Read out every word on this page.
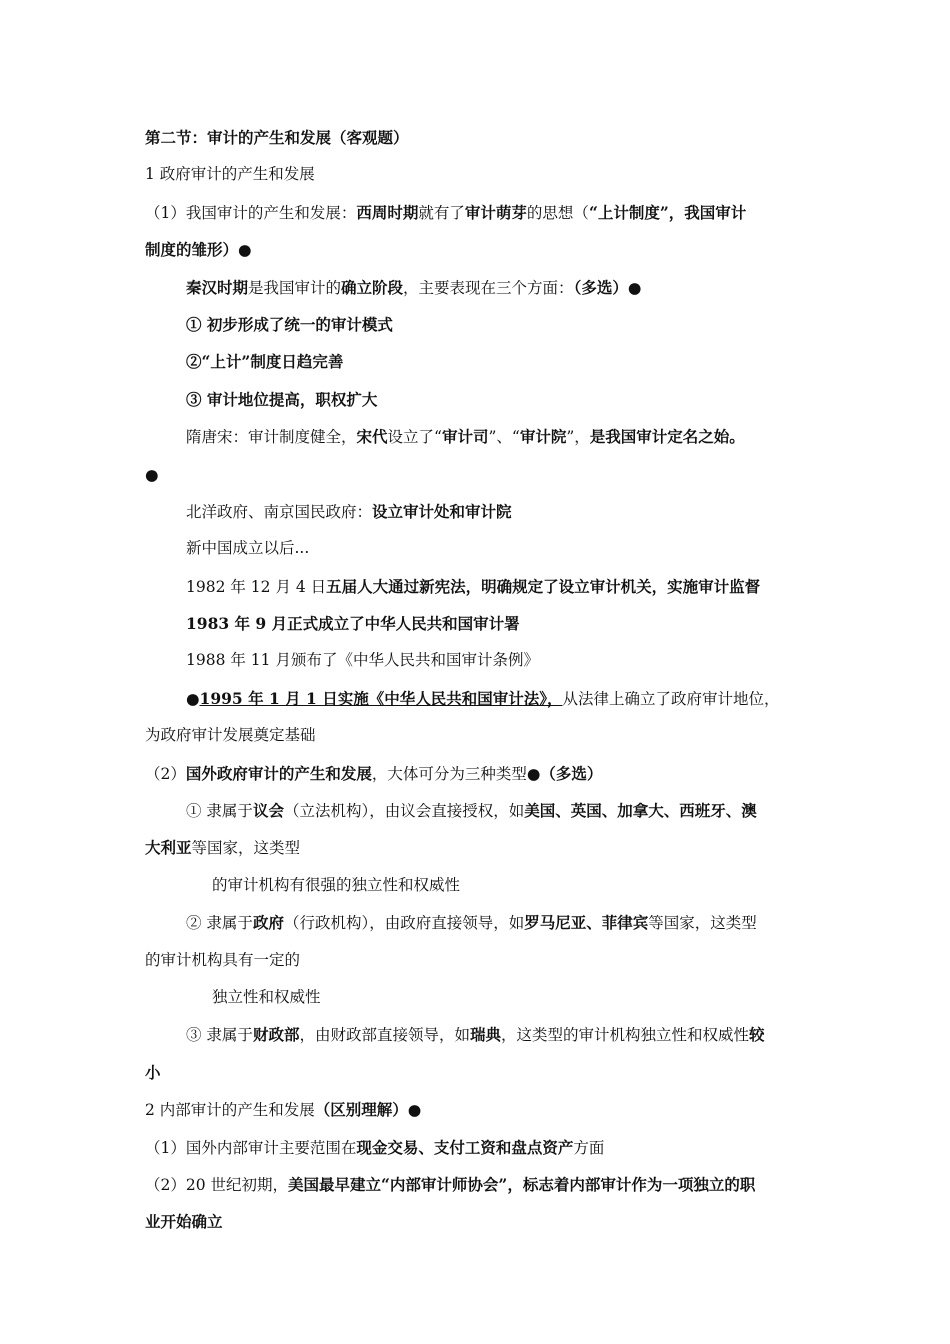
第二节：审计的产生和发展（客观题）
1 政府审计的产生和发展
（1）我国审计的产生和发展：西周时期就有了审计萌芽的思想（“上计制度”，我国审计
制度的雏形）●
秦汉时期是我国审计的确立阶段，主要表现在三个方面：（多选）●
① 初步形成了统一的审计模式
②“上计”制度日趋完善
③ 审计地位提高，职权扩大
隋唐宋：审计制度健全，宋代设立了“审计司”、“审计院”，是我国审计定名之始。
●
北洋政府、南京国民政府：设立审计处和审计院
新中国成立以后...
1982 年 12 月 4 日五届人大通过新宪法，明确规定了设立审计机关，实施审计监督
1983 年 9 月正式成立了中华人民共和国审计署
1988 年 11 月颁布了《中华人民共和国审计条例》
●1995 年 1 月 1 日实施《中华人民共和国审计法》，从法律上确立了政府审计地位，
为政府审计发展奠定基础
（2）国外政府审计的产生和发展，大体可分为三种类型●（多选）
① 隶属于议会（立法机构），由议会直接授权，如美国、英国、加拿大、西班牙、澳
大利亚等国家，这类型
的审计机构有很强的独立性和权威性
② 隶属于政府（行政机构），由政府直接领导，如罗马尼亚、菲律宾等国家，这类型
的审计机构具有一定的
独立性和权威性
③ 隶属于财政部，由财政部直接领导，如瑞典，这类型的审计机构独立性和权威性较
小
2 内部审计的产生和发展（区别理解）●
（1）国外内部审计主要范围在现金交易、支付工资和盘点资产方面
（2）20 世纪初期，美国最早建立“内部审计师协会”，标志着内部审计作为一项独立的职
业开始确立
